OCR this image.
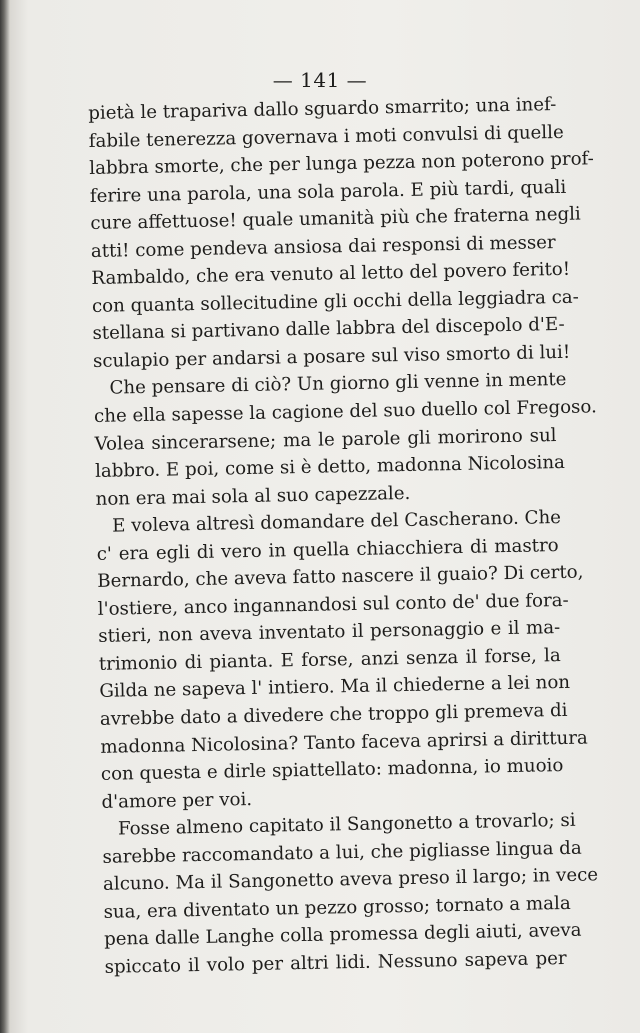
— 141 —
pietà le trapariva dallo sguardo smarrito; una inef-
fabile tenerezza governava i moti convulsi di quelle
labbra smorte, che per lunga pezza non poterono prof-
ferire una parola, una sola parola. E più tardi, quali
cure affettuose! quale umanità più che fraterna negli
atti! come pendeva ansiosa dai responsi di messer
Rambaldo, che era venuto al letto del povero ferito!
con quanta sollecitudine gli occhi della leggiadra ca-
stellana si partivano dalle labbra del discepolo d'E-
sculapio per andarsi a posare sul viso smorto di lui!
Che pensare di ciò? Un giorno gli venne in mente
che ella sapesse la cagione del suo duello col Fregoso.
Volea sincerarsene; ma le parole gli morirono sul
labbro. E poi, come si è detto, madonna Nicolosina
non era mai sola al suo capezzale.
E voleva altresì domandare del Cascherano. Che
c' era egli di vero in quella chiacchiera di mastro
Bernardo, che aveva fatto nascere il guaio? Di certo,
l'ostiere, anco ingannandosi sul conto de' due fora-
stieri, non aveva inventato il personaggio e il ma-
trimonio di pianta. E forse, anzi senza il forse, la
Gilda ne sapeva l' intiero. Ma il chiederne a lei non
avrebbe dato a divedere che troppo gli premeva di
madonna Nicolosina? Tanto faceva aprirsi a dirittura
con questa e dirle spiattellato: madonna, io muoio
d'amore per voi.
Fosse almeno capitato il Sangonetto a trovarlo; si
sarebbe raccomandato a lui, che pigliasse lingua da
alcuno. Ma il Sangonetto aveva preso il largo; in vece
sua, era diventato un pezzo grosso; tornato a mala
pena dalle Langhe colla promessa degli aiuti, aveva
spiccato il volo per altri lidi. Nessuno sapeva per
